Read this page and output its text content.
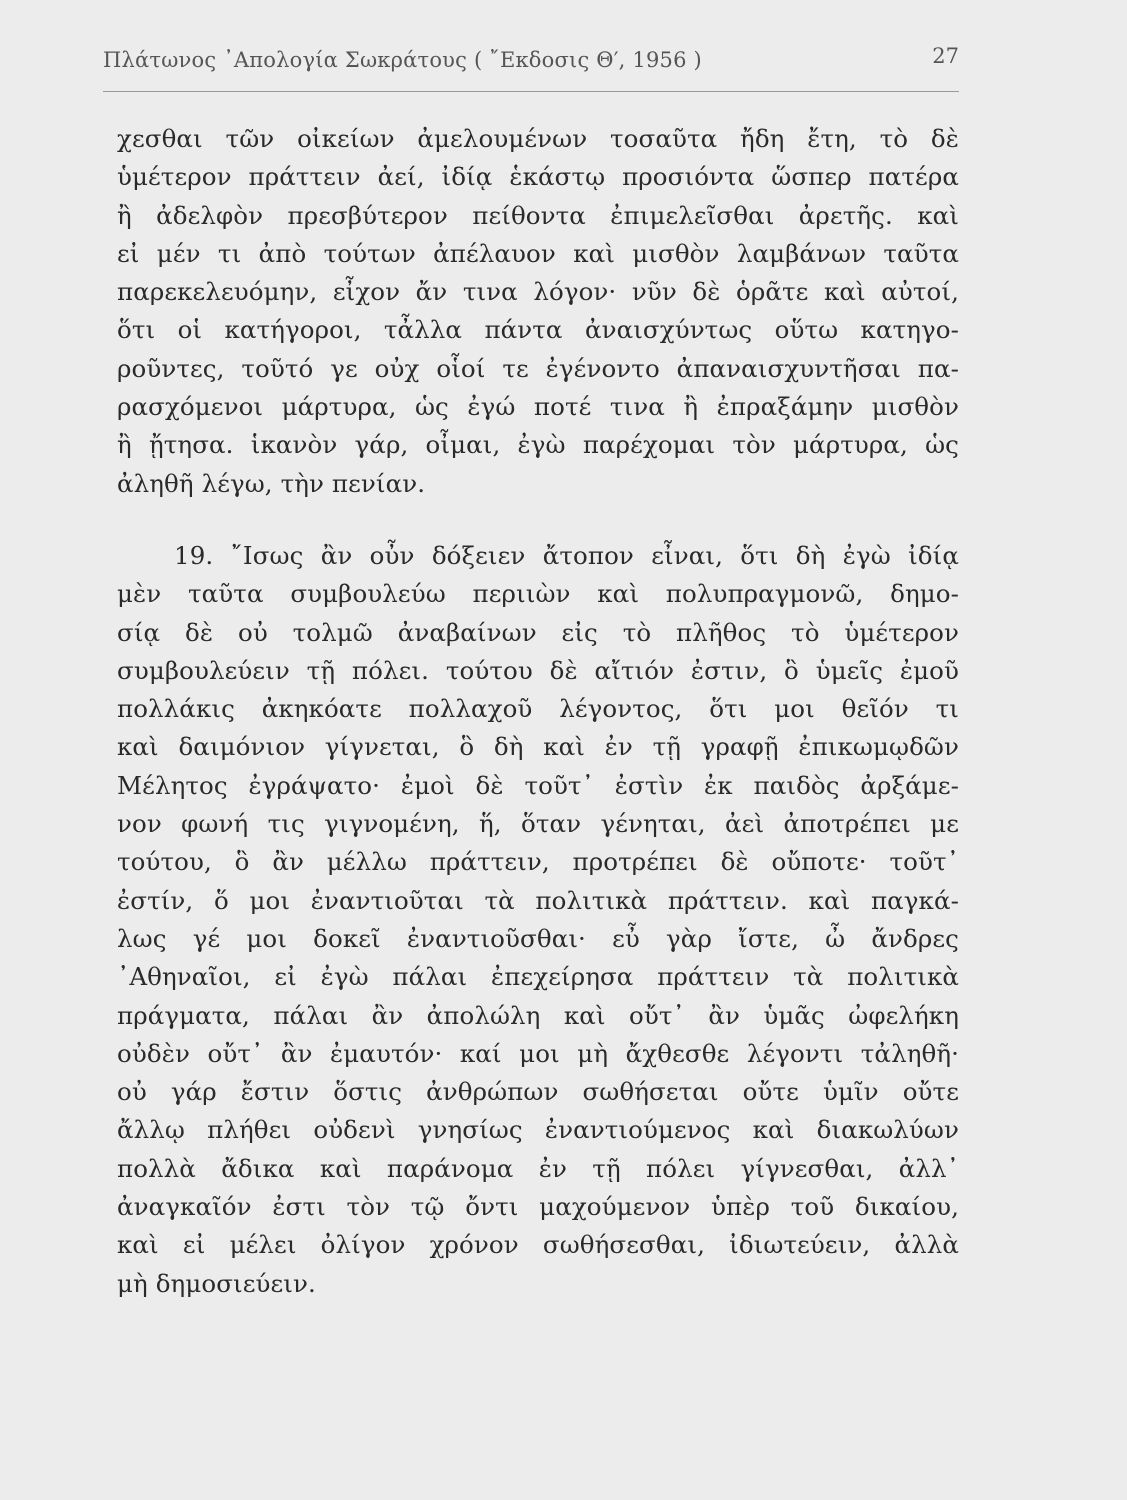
Πλάτωνος ᾿Απολογία Σωκράτους ( ῎Εκδοσις Θ′, 1956 )	27
χεσθαι τῶν οἰκείων ἀμελουμένων τοσαῦτα ἤδη ἔτη, τὸ δὲ
ὑμέτερον πράττειν ἀεί, ἰδίᾳ ἑκάστῳ προσιόντα ὥσπερ πατέρα
ἢ ἀδελφὸν πρεσβύτερον πείθοντα ἐπιμελεῖσθαι ἀρετῆς. καὶ
εἰ μέν τι ἀπὸ τούτων ἀπέλαυον καὶ μισθὸν λαμβάνων ταῦτα
παρεκελευόμην, εἶχον ἄν τινα λόγον· νῦν δὲ ὁρᾶτε καὶ αὐτοί,
ὅτι οἱ κατήγοροι, τἆλλα πάντα ἀναισχύντως οὕτω κατηγο-
ροῦντες, τοῦτό γε οὐχ οἷοί τε ἐγένοντο ἀπαναισχυντῆσαι πα-
ρασχόμενοι μάρτυρα, ὡς ἐγώ ποτέ τινα ἢ ἐπραξάμην μισθὸν
ἢ ᾔτησα. ἱκανὸν γάρ, οἶμαι, ἐγὼ παρέχομαι τὸν μάρτυρα, ὡς
ἀληθῆ λέγω, τὴν πενίαν.
19. ῎Ισως ἂν οὖν δόξειεν ἄτοπον εἶναι, ὅτι δὴ ἐγὼ ἰδίᾳ
μὲν ταῦτα συμβουλεύω περιιὼν καὶ πολυπραγμονῶ, δημο-
σίᾳ δὲ οὐ τολμῶ ἀναβαίνων εἰς τὸ πλῆθος τὸ ὑμέτερον
συμβουλεύειν τῇ πόλει. τούτου δὲ αἴτιόν ἐστιν, ὃ ὑμεῖς ἐμοῦ
πολλάκις ἀκηκόατε πολλαχοῦ λέγοντος, ὅτι μοι θεῖόν τι
καὶ δαιμόνιον γίγνεται, ὃ δὴ καὶ ἐν τῇ γραφῇ ἐπικωμῳδῶν
Μέλητος ἐγράψατο· ἐμοὶ δὲ τοῦτ᾽ ἐστὶν ἐκ παιδὸς ἀρξάμε-
νον φωνή τις γιγνομένη, ἥ, ὅταν γένηται, ἀεὶ ἀποτρέπει με
τούτου, ὃ ἂν μέλλω πράττειν, προτρέπει δὲ οὔποτε· τοῦτ᾽
ἐστίν, ὅ μοι ἐναντιοῦται τὰ πολιτικὰ πράττειν. καὶ παγκά-
λως γέ μοι δοκεῖ ἐναντιοῦσθαι· εὖ γὰρ ἴστε, ὦ ἄνδρες
᾿Αθηναῖοι, εἰ ἐγὼ πάλαι ἐπεχείρησα πράττειν τὰ πολιτικὰ
πράγματα, πάλαι ἂν ἀπολώλη καὶ οὔτ᾽ ἂν ὑμᾶς ὠφελήκη
οὐδὲν οὔτ᾽ ἂν ἐμαυτόν· καί μοι μὴ ἄχθεσθε λέγοντι τἀληθῆ·
οὐ γάρ ἔστιν ὅστις ἀνθρώπων σωθήσεται οὔτε ὑμῖν οὔτε
ἄλλῳ πλήθει οὐδενὶ γνησίως ἐναντιούμενος καὶ διακωλύων
πολλὰ ἄδικα καὶ παράνομα ἐν τῇ πόλει γίγνεσθαι, ἀλλ᾽
ἀναγκαῖόν ἐστι τὸν τῷ ὄντι μαχούμενον ὑπὲρ τοῦ δικαίου,
καὶ εἰ μέλει ὀλίγον χρόνον σωθήσεσθαι, ἰδιωτεύειν, ἀλλὰ
μὴ δημοσιεύειν.
